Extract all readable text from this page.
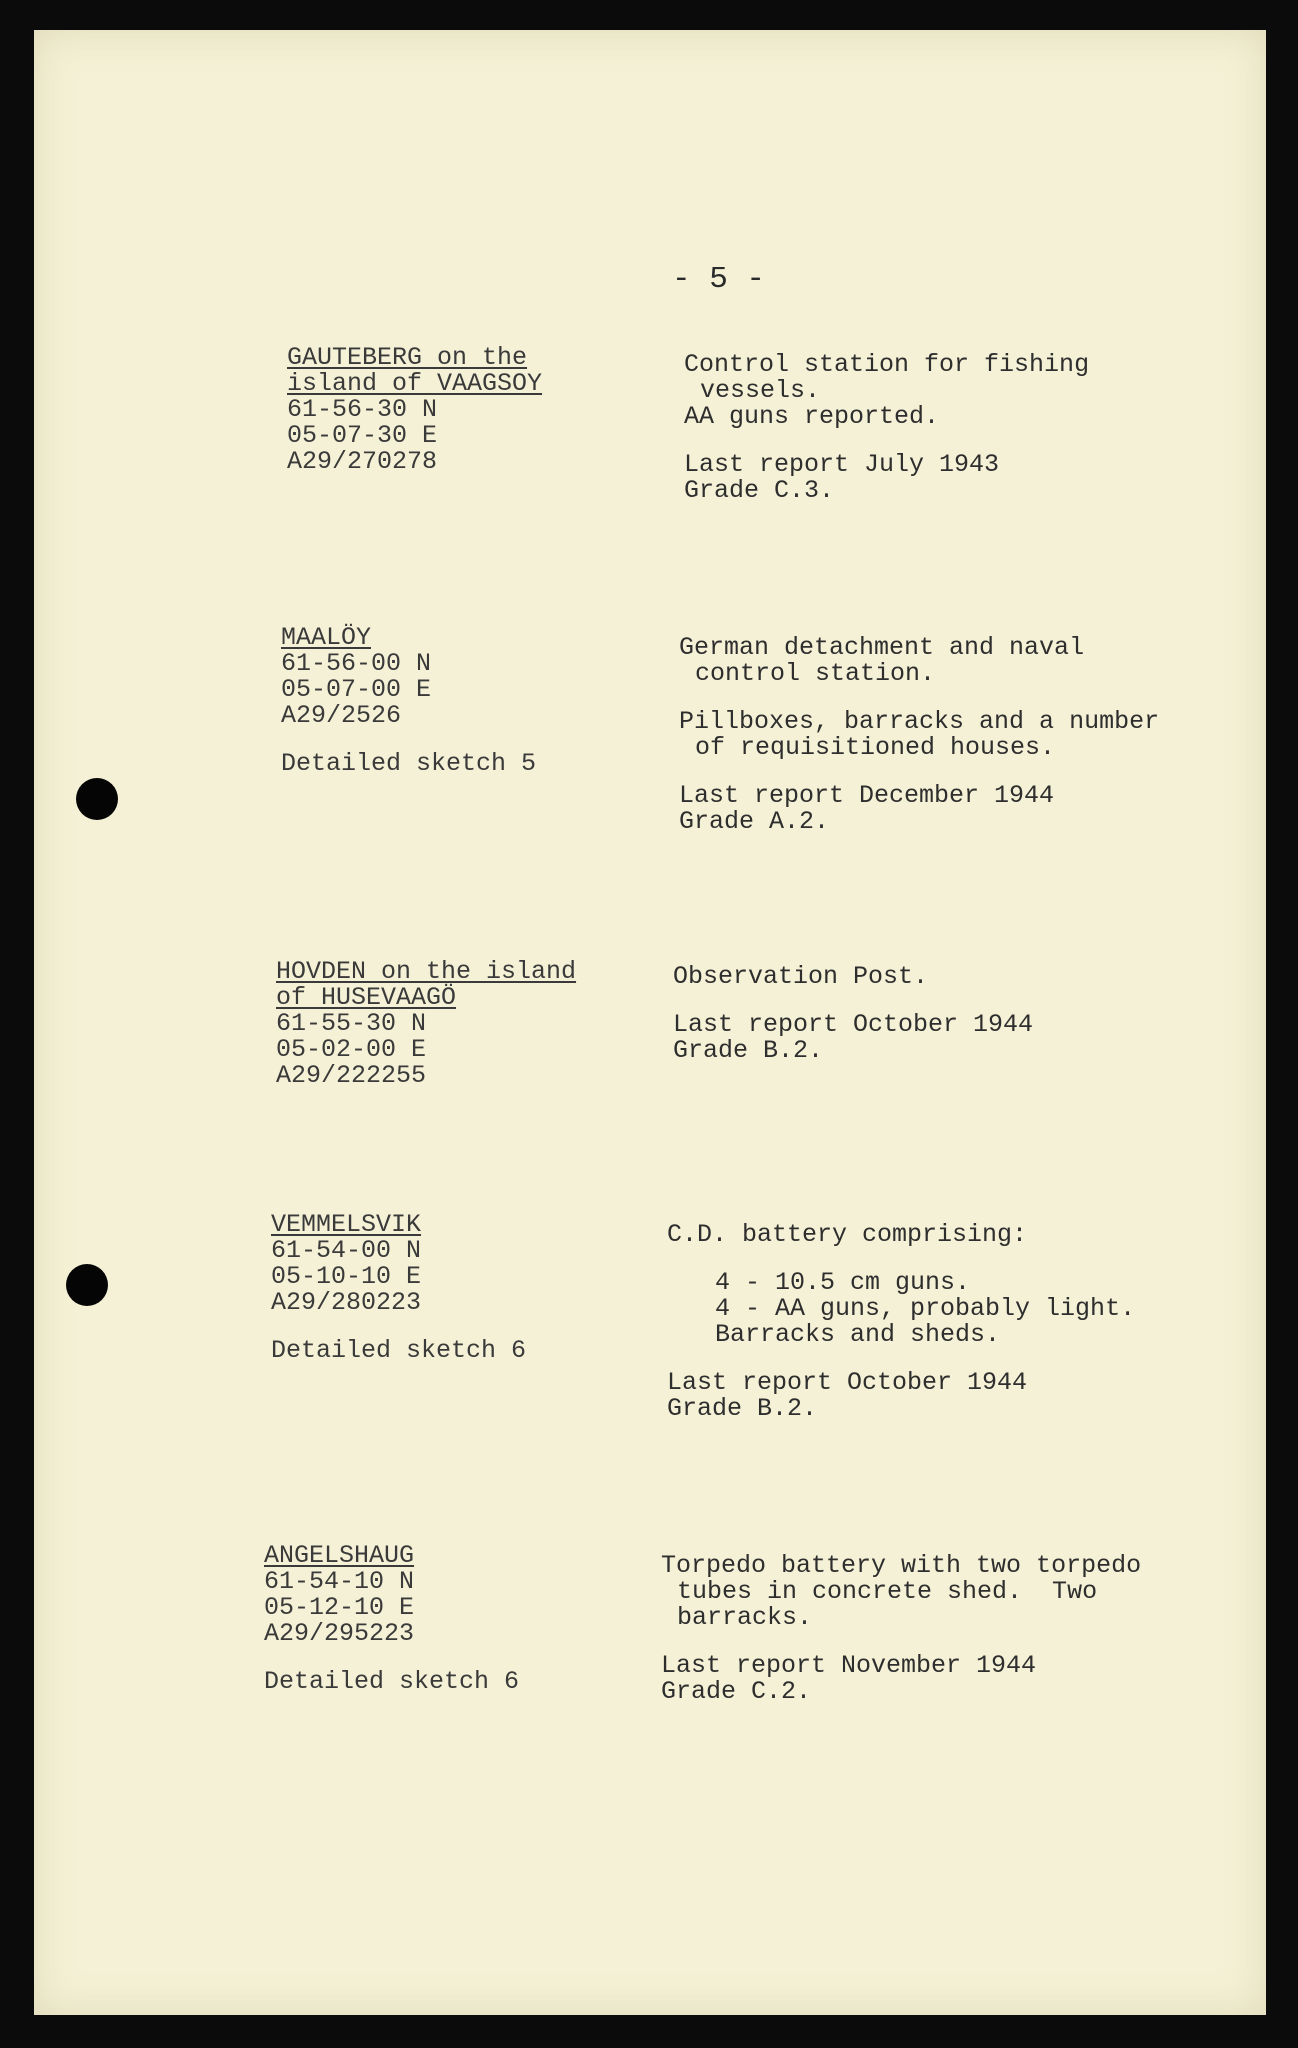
- 5 -
GAUTEBERG on the
island of VAAGSOY
61-56-30 N
05-07-30 E
A29/270278
Control station for fishing
vessels.
AA guns reported.
Last report July 1943
Grade C.3.
MAALÖY
61-56-00 N
05-07-00 E
A29/2526
Detailed sketch 5
German detachment and naval
control station.
Pillboxes, barracks and a number
of requisitioned houses.
Last report December 1944
Grade A.2.
HOVDEN on the island
of HUSEVAAGÖ
61-55-30 N
05-02-00 E
A29/222255
Observation Post.
Last report October 1944
Grade B.2.
VEMMELSVIK
61-54-00 N
05-10-10 E
A29/280223
Detailed sketch 6
C.D. battery comprising:
4 - 10.5 cm guns.
4 - AA guns, probably light.
Barracks and sheds.
Last report October 1944
Grade B.2.
ANGELSHAUG
61-54-10 N
05-12-10 E
A29/295223
Detailed sketch 6
Torpedo battery with two torpedo
tubes in concrete shed.  Two
barracks.
Last report November 1944
Grade C.2.
